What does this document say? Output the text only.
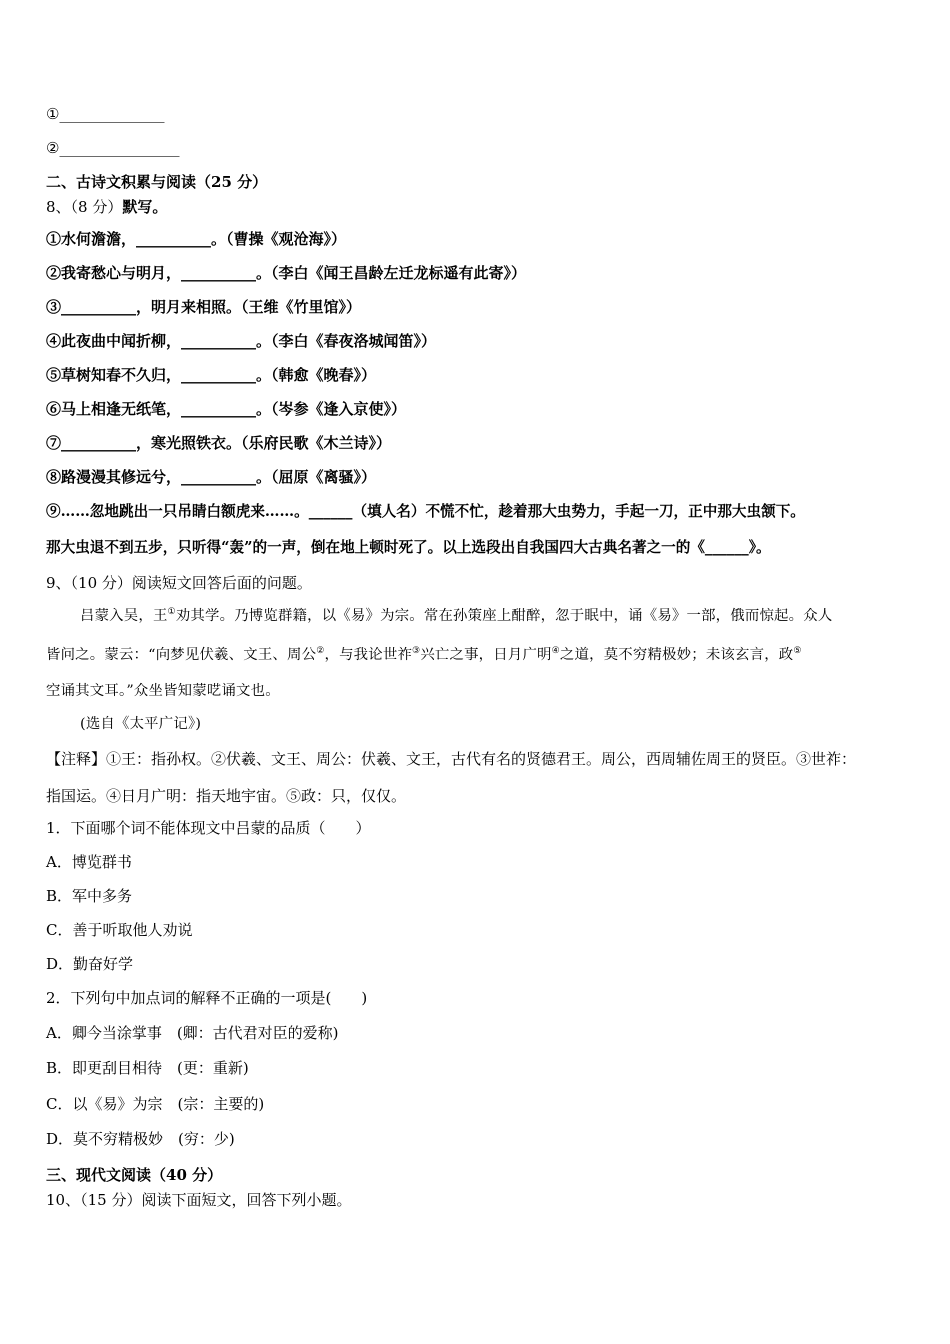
①______________
②________________
二、古诗文积累与阅读（25 分）
8、（8 分）默写。
①水何澹澹，__________。（曹操《观沧海》）
②我寄愁心与明月，__________。（李白《闻王昌龄左迁龙标遥有此寄》）
③__________，明月来相照。（王维《竹里馆》）
④此夜曲中闻折柳，__________。（李白《春夜洛城闻笛》）
⑤草树知春不久归，__________。（韩愈《晚春》）
⑥马上相逢无纸笔，__________。（岑参《逢入京使》）
⑦__________，寒光照铁衣。（乐府民歌《木兰诗》）
⑧路漫漫其修远兮，__________。（屈原《离骚》）
⑨……忽地跳出一只吊睛白额虎来……。______（填人名）不慌不忙，趁着那大虫势力，手起一刀，正中那大虫颔下。
那大虫退不到五步，只听得“轰”的一声，倒在地上顿时死了。以上选段出自我国四大古典名著之一的《______》。
9、（10 分）阅读短文回答后面的问题。
吕蒙入吴，王①劝其学。乃博览群籍，以《易》为宗。常在孙策座上酣醉，忽于眠中，诵《易》一部，俄而惊起。众人
皆问之。蒙云：“向梦见伏羲、文王、周公②，与我论世祚③兴亡之事，日月广明④之道，莫不穷精极妙；未该玄言，政⑤
空诵其文耳。”众坐皆知蒙呓诵文也。
(选自《太平广记》)
【注释】①王：指孙权。②伏羲、文王、周公：伏羲、文王，古代有名的贤德君王。周公，西周辅佐周王的贤臣。③世祚：
指国运。④日月广明：指天地宇宙。⑤政：只，仅仅。
1．下面哪个词不能体现文中吕蒙的品质（　　）
A．博览群书
B．军中多务
C．善于听取他人劝说
D．勤奋好学
2．下列句中加点词的解释不正确的一项是(　　)
A．卿今当涂掌事　(卿：古代君对臣的爱称)
B．即更刮目相待　(更：重新)
C．以《易》为宗　(宗：主要的)
D．莫不穷精极妙　(穷：少)
三、现代文阅读（40 分）
10、（15 分）阅读下面短文，回答下列小题。
